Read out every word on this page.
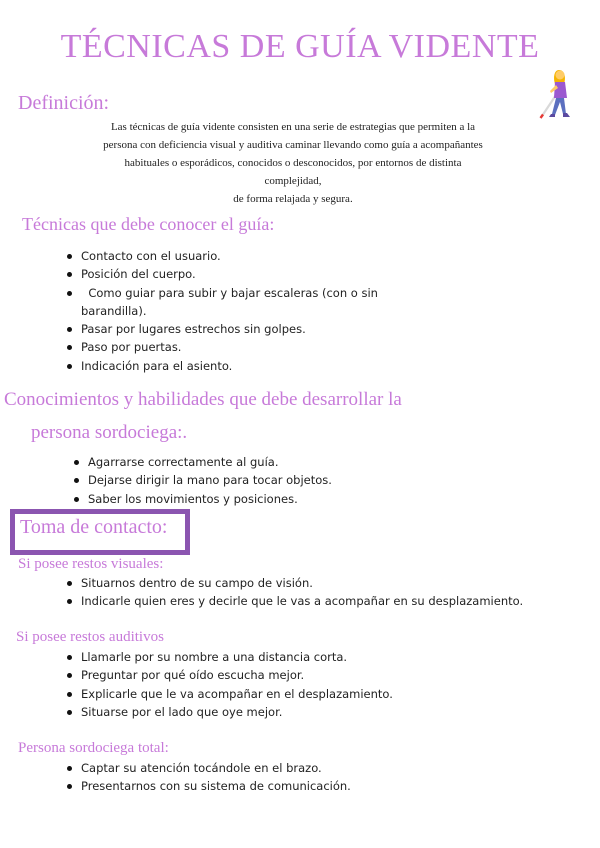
TÉCNICAS DE GUÍA VIDENTE
Definición:
Las técnicas de guía vidente consisten en una serie de estrategias que permiten a la
persona con deficiencia visual y auditiva caminar llevando como guía a acompañantes
habituales o esporádicos, conocidos o desconocidos, por entornos de distinta
complejidad,
de forma relajada y segura.
Técnicas que debe conocer el guía:
Contacto con el usuario.
Posición del cuerpo.
Como guiar para subir y bajar escaleras (con o sin barandilla).
Pasar por lugares estrechos sin golpes.
Paso por puertas.
Indicación para el asiento.
Conocimientos y habilidades que debe desarrollar la
persona sordociega:.
Agarrarse correctamente al guía.
Dejarse dirigir la mano para tocar objetos.
Saber los movimientos y posiciones.
Toma de contacto:
Si posee restos visuales:
Situarnos dentro de su campo de visión.
Indicarle quien eres y decirle que le vas a acompañar en su desplazamiento.
Si posee restos auditivos
Llamarle por su nombre a una distancia corta.
Preguntar por qué oído escucha mejor.
Explicarle que le va acompañar en el desplazamiento.
Situarse por el lado que oye mejor.
Persona sordociega total:
Captar su atención tocándole en el brazo.
Presentarnos con su sistema de comunicación.
